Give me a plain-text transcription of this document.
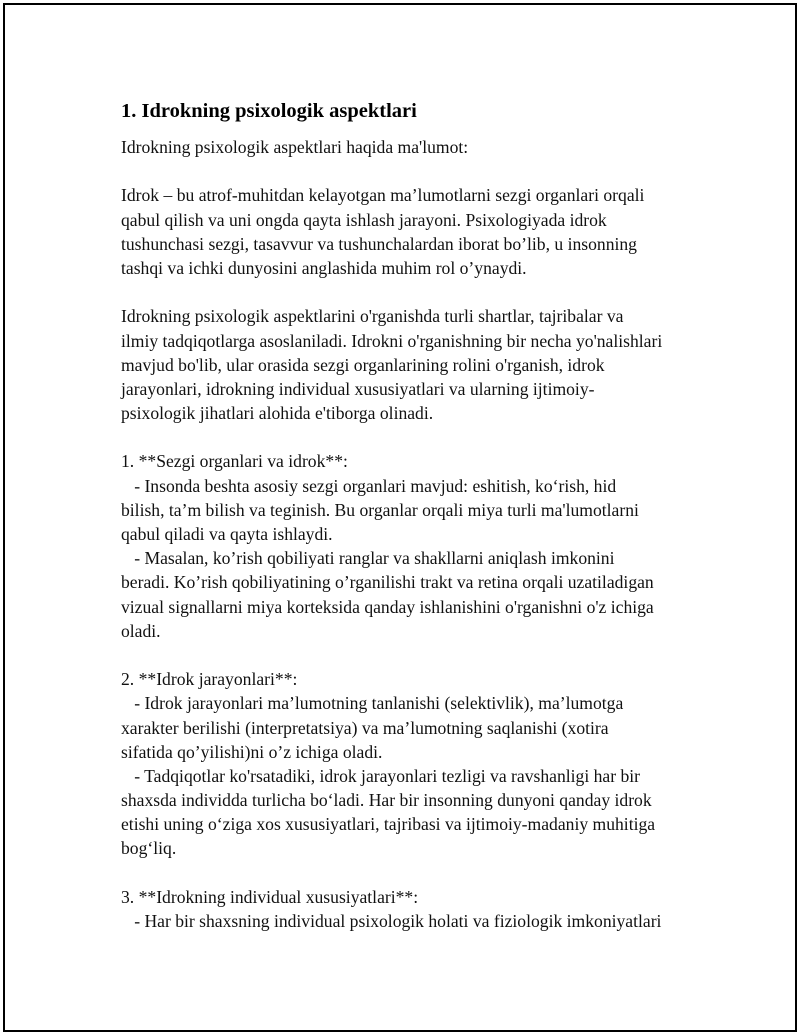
1. Idrokning psixologik aspektlari

Idrokning psixologik aspektlari haqida ma'lumot:

Idrok – bu atrof-muhitdan kelayotgan ma’lumotlarni sezgi organlari orqali

qabul qilish va uni ongda qayta ishlash jarayoni. Psixologiyada idrok

tushunchasi sezgi, tasavvur va tushunchalardan iborat bo’lib, u insonning

tashqi va ichki dunyosini anglashida muhim rol o’ynaydi.

Idrokning psixologik aspektlarini o'rganishda turli shartlar, tajribalar va

ilmiy tadqiqotlarga asoslaniladi. Idrokni o'rganishning bir necha yo'nalishlari

mavjud bo'lib, ular orasida sezgi organlarining rolini o'rganish, idrok

jarayonlari, idrokning individual xususiyatlari va ularning ijtimoiy-

psixologik jihatlari alohida e'tiborga olinadi.

1. **Sezgi organlari va idrok**:

- Insonda beshta asosiy sezgi organlari mavjud: eshitish, ko‘rish, hid

bilish, ta’m bilish va teginish. Bu organlar orqali miya turli ma'lumotlarni

qabul qiladi va qayta ishlaydi.

- Masalan, ko’rish qobiliyati ranglar va shakllarni aniqlash imkonini

beradi. Ko’rish qobiliyatining o’rganilishi trakt va retina orqali uzatiladigan

vizual signallarni miya korteksida qanday ishlanishini o'rganishni o'z ichiga

oladi.

2. **Idrok jarayonlari**:

- Idrok jarayonlari ma’lumotning tanlanishi (selektivlik), ma’lumotga

xarakter berilishi (interpretatsiya) va ma’lumotning saqlanishi (xotira

sifatida qo’yilishi)ni o’z ichiga oladi.

- Tadqiqotlar ko'rsatadiki, idrok jarayonlari tezligi va ravshanligi har bir

shaxsda individda turlicha bo‘ladi. Har bir insonning dunyoni qanday idrok

etishi uning o‘ziga xos xususiyatlari, tajribasi va ijtimoiy-madaniy muhitiga

bog‘liq.

3. **Idrokning individual xususiyatlari**:

- Har bir shaxsning individual psixologik holati va fiziologik imkoniyatlari
